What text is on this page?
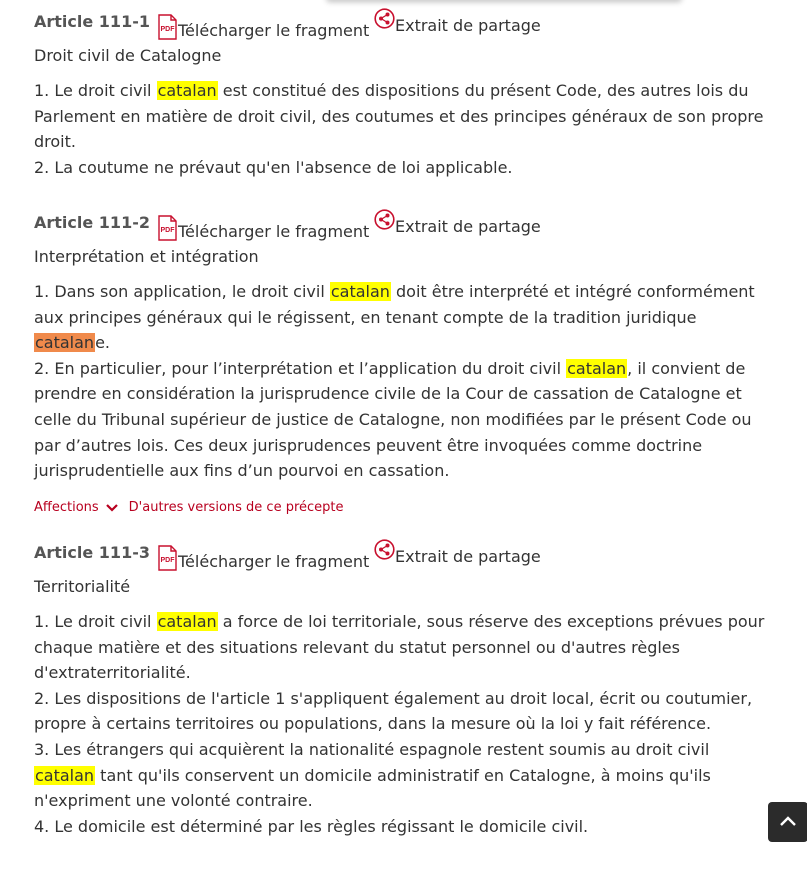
Article 111-1 PDF Télécharger le fragment Extrait de partage
Droit civil de Catalogne

1. Le droit civil catalan est constitué des dispositions du présent Code, des autres lois du Parlement en matière de droit civil, des coutumes et des principes généraux de son propre droit.

2. La coutume ne prévaut qu'en l'absence de loi applicable.

Article 111-2 PDF Télécharger le fragment Extrait de partage
Interprétation et intégration

1. Dans son application, le droit civil catalan doit être interprété et intégré conformément aux principes généraux qui le régissent, en tenant compte de la tradition juridique catalane.

2. En particulier, pour l’interprétation et l’application du droit civil catalan, il convient de prendre en considération la jurisprudence civile de la Cour de cassation de Catalogne et celle du Tribunal supérieur de justice de Catalogne, non modifiées par le présent Code ou par d’autres lois. Ces deux jurisprudences peuvent être invoquées comme doctrine jurisprudentielle aux fins d’un pourvoi en cassation.

Affections D'autres versions de ce précepte
Article 111-3 PDF Télécharger le fragment Extrait de partage
Territorialité

1. Le droit civil catalan a force de loi territoriale, sous réserve des exceptions prévues pour chaque matière et des situations relevant du statut personnel ou d'autres règles d'extraterritorialité.

2. Les dispositions de l'article 1 s'appliquent également au droit local, écrit ou coutumier, propre à certains territoires ou populations, dans la mesure où la loi y fait référence.

3. Les étrangers qui acquièrent la nationalité espagnole restent soumis au droit civil catalan tant qu'ils conservent un domicile administratif en Catalogne, à moins qu'ils n'expriment une volonté contraire.

4. Le domicile est déterminé par les règles régissant le domicile civil.
